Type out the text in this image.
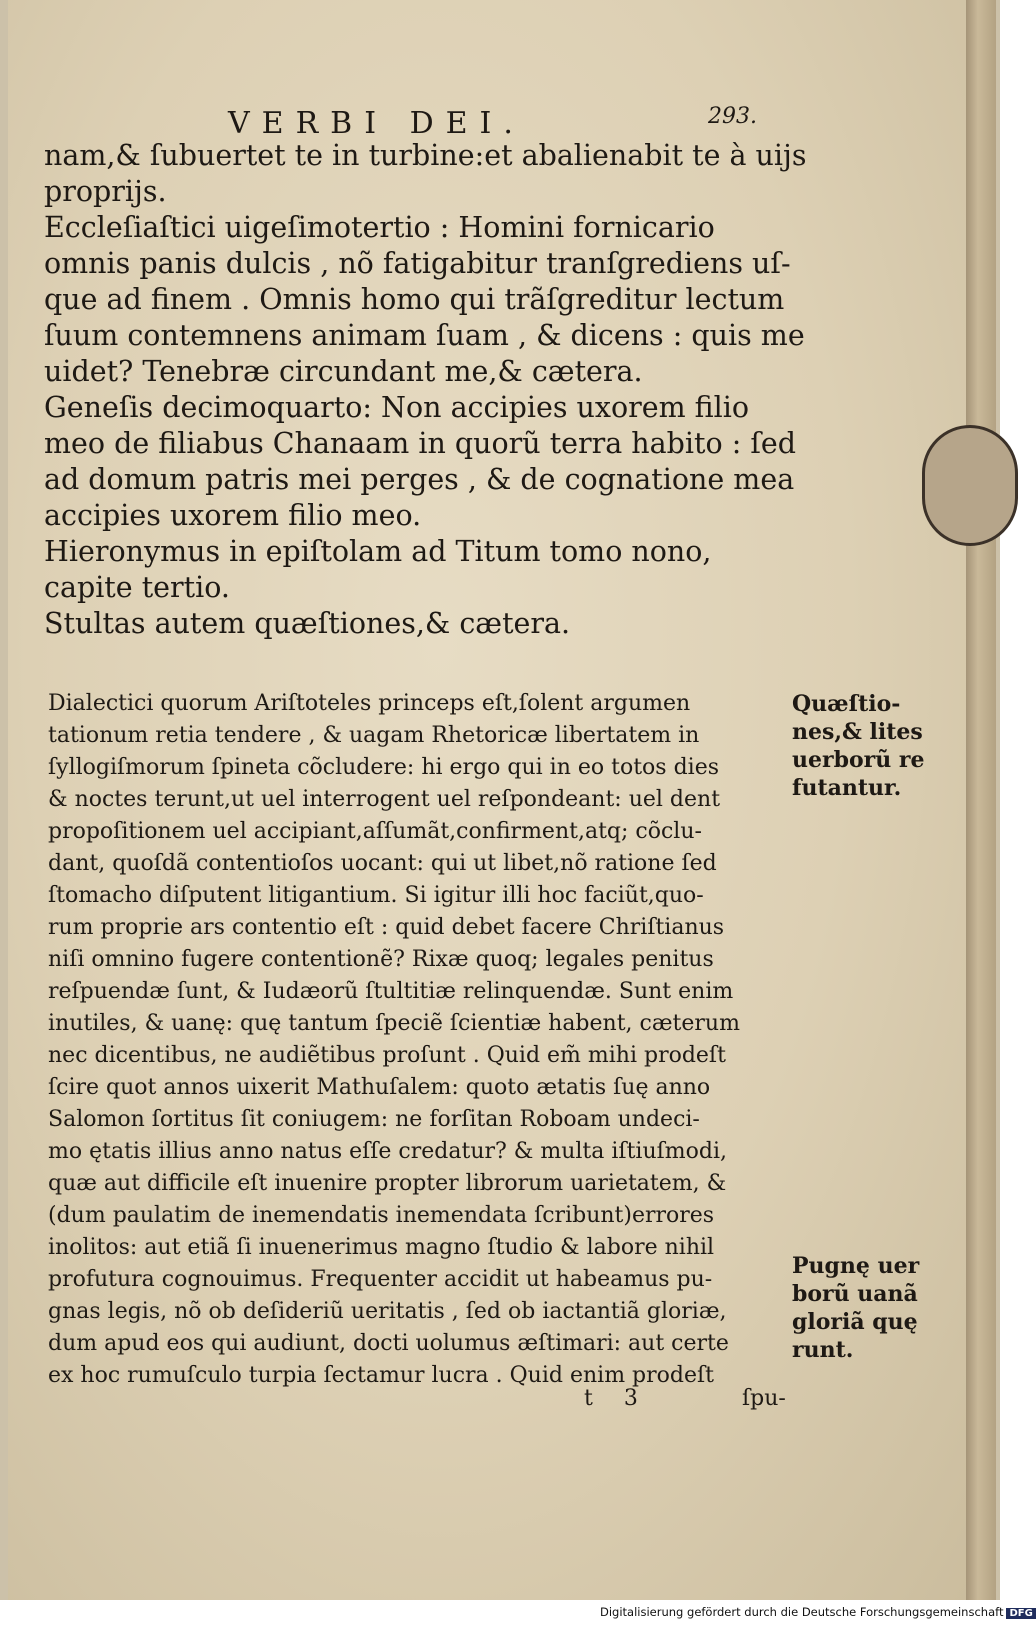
VERBI DEI.	293.
nam,& ſubuertet te in turbine:et abalienabit te à uijs
proprijs.
Eccleſiaſtici uigeſimotertio : Homini fornicario
omnis panis dulcis , nõ fatigabitur tranſgrediens uſ-
que ad finem . Omnis homo qui trãſgreditur lectum
ſuum contemnens animam ſuam , & dicens : quis me
uidet? Tenebræ circundant me,& cætera.
Geneſis decimoquarto: Non accipies uxorem filio
meo de filiabus Chanaam in quorũ terra habito : ſed
ad domum patris mei perges , & de cognatione mea
accipies uxorem filio meo.
Hieronymus in epiſtolam ad Titum tomo nono,
capite tertio.
Stultas autem quæſtiones,& cætera.
Dialectici quorum Ariſtoteles princeps eſt,ſolent argumen
tationum retia tendere , & uagam Rhetoricæ libertatem in
ſyllogiſmorum ſpineta cõcludere: hi ergo qui in eo totos dies
& noctes terunt,ut uel interrogent uel reſpondeant: uel dent
propoſitionem uel accipiant,aſſumãt,confirment,atq; cõclu-
dant, quoſdã contentioſos uocant: qui ut libet,nõ ratione ſed
ſtomacho diſputent litigantium. Si igitur illi hoc faciũt,quo-
rum proprie ars contentio eſt : quid debet facere Chriſtianus
niſi omnino fugere contentionẽ? Rixæ quoq; legales penitus
reſpuendæ ſunt, & Iudæorũ ſtultitiæ relinquendæ. Sunt enim
inutiles, & uanę: quę tantum ſpeciẽ ſcientiæ habent, cæterum
nec dicentibus, ne audiẽtibus proſunt . Quid em̃ mihi prodeſt
ſcire quot annos uixerit Mathuſalem: quoto ætatis ſuę anno
Salomon ſortitus ſit coniugem: ne forſitan Roboam undeci-
mo ętatis illius anno natus eſſe credatur? & multa iſtiuſmodi,
quæ aut difficile eſt inuenire propter librorum uarietatem, &
(dum paulatim de inemendatis inemendata ſcribunt)errores
inolitos: aut etiã ſi inuenerimus magno ſtudio & labore nihil
profutura cognouimus. Frequenter accidit ut habeamus pu-
gnas legis, nõ ob deſideriũ ueritatis , ſed ob iactantiã gloriæ,
dum apud eos qui audiunt, docti uolumus æſtimari: aut certe
ex hoc rumuſculo turpia ſectamur lucra . Quid enim prodeſt
Quæſtio-
nes,& lites
uerborũ re
futantur.
Pugnę uer
borũ uanã
gloriã quę
runt.
t 3	ſpu-
Digitalisierung gefördert durch die Deutsche Forschungsgemeinschaft DFG
